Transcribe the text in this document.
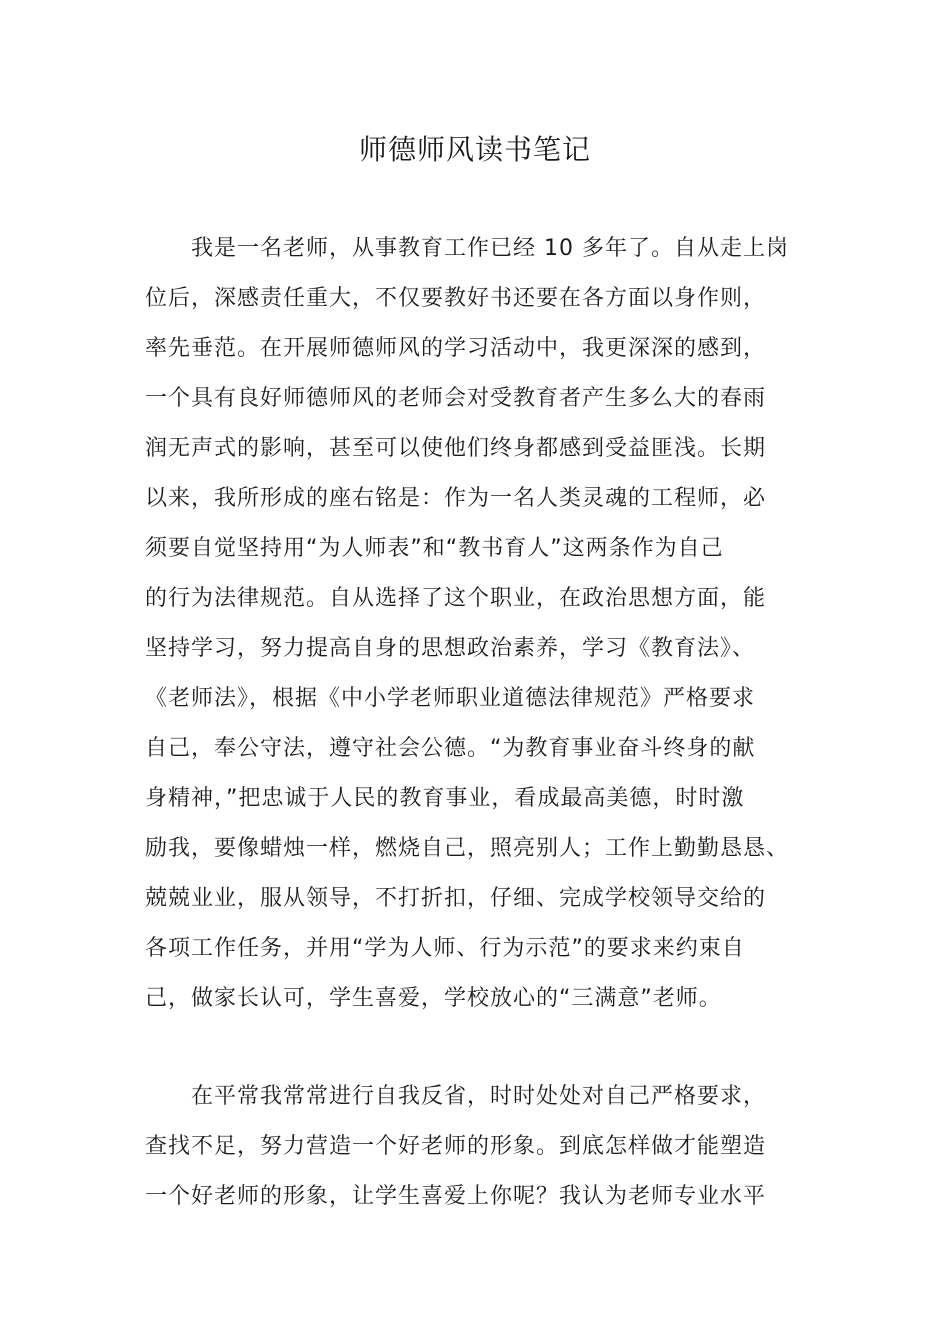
师德师风读书笔记
我是一名老师，从事教育工作已经 10 多年了。自从走上岗
位后，深感责任重大，不仅要教好书还要在各方面以身作则，
率先垂范。在开展师德师风的学习活动中，我更深深的感到，
一个具有良好师德师风的老师会对受教育者产生多么大的春雨
润无声式的影响，甚至可以使他们终身都感到受益匪浅。长期
以来，我所形成的座右铭是：作为一名人类灵魂的工程师，必
须要自觉坚持用“为人师表”和“教书育人”这两条作为自己
的行为法律规范。自从选择了这个职业，在政治思想方面，能
坚持学习，努力提高自身的思想政治素养，学习《教育法》、
《老师法》，根据《中小学老师职业道德法律规范》严格要求
自己，奉公守法，遵守社会公德。“为教育事业奋斗终身的献
身精神，”把忠诚于人民的教育事业，看成最高美德，时时激
励我，要像蜡烛一样，燃烧自己，照亮别人；工作上勤勤恳恳、
兢兢业业，服从领导，不打折扣，仔细、完成学校领导交给的
各项工作任务，并用“学为人师、行为示范”的要求来约束自
己，做家长认可，学生喜爱，学校放心的“三满意”老师。
在平常我常常进行自我反省，时时处处对自己严格要求，
查找不足，努力营造一个好老师的形象。到底怎样做才能塑造
一个好老师的形象，让学生喜爱上你呢？我认为老师专业水平
